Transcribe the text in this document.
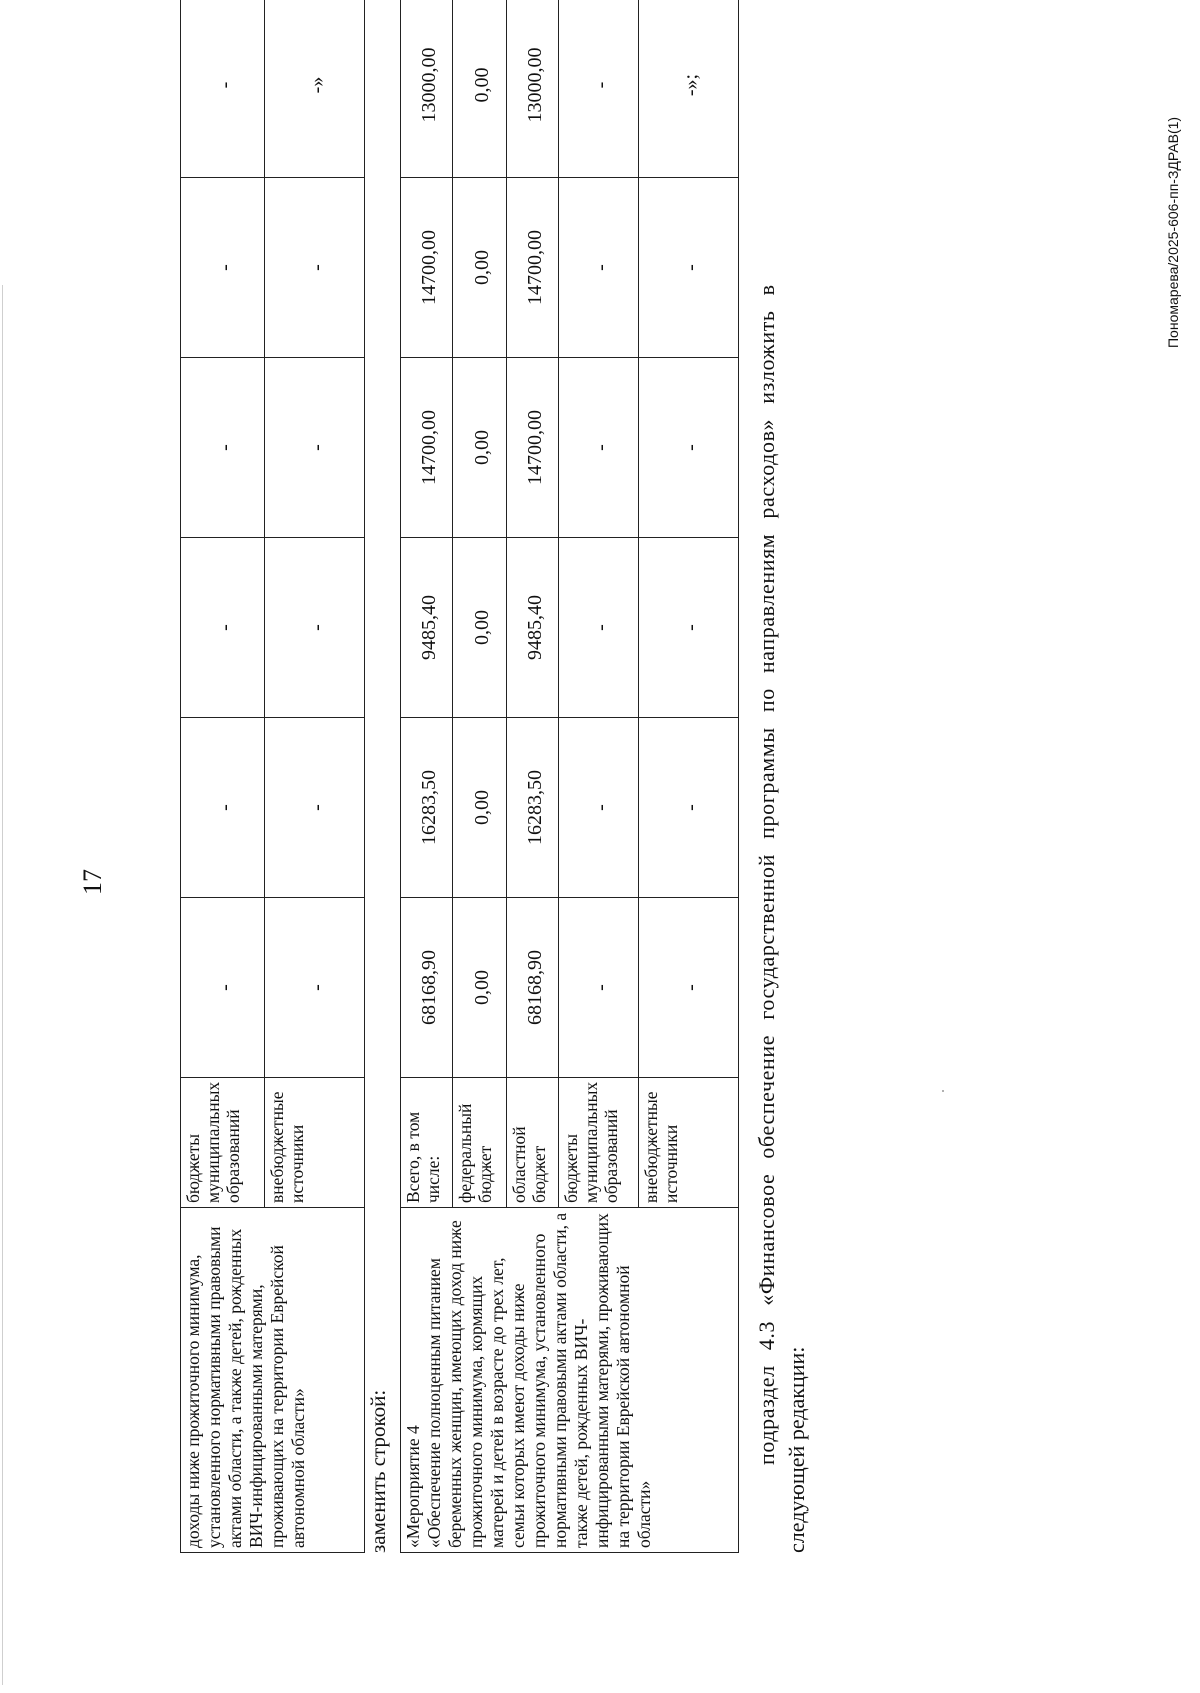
17
доходы ниже прожиточного минимума, установленного нормативными правовыми актами области, а также детей, рожденных ВИЧ-инфицированными матерями, проживающих на территории Еврейской автономной области»	бюджеты муниципальных образований	-	-	-	-	-	-
	внебюджетные источники	-	-	-	-	-	-»
заменить строкой: «Мероприятие 4
«Обеспечение полноценным питанием беременных женщин, имеющих доход ниже прожиточного минимума, кормящих матерей и детей в возрасте до трех лет, семьи которых имеют доходы ниже прожиточного минимума, установленного нормативными правовыми актами области, а также детей, рожденных ВИЧ-инфицированными матерями, проживающих на территории Еврейской автономной области»	Всего, в том числе:	68168,90	16283,50	9485,40	14700,00	14700,00	13000,00
	федеральный бюджет	0,00	0,00	0,00	0,00	0,00	0,00
	областной бюджет	68168,90	16283,50	9485,40	14700,00	14700,00	13000,00
	бюджеты муниципальных образований	-	-	-	-	-	-
	внебюджетные источники	-	-	-	-	-	-»;
подраздел 4.3 «Финансовое обеспечение государственной программы по направлениям расходов» изложить в следующей редакции:
Пономарева/2025-606-пп-ЗДРАВ(1)
